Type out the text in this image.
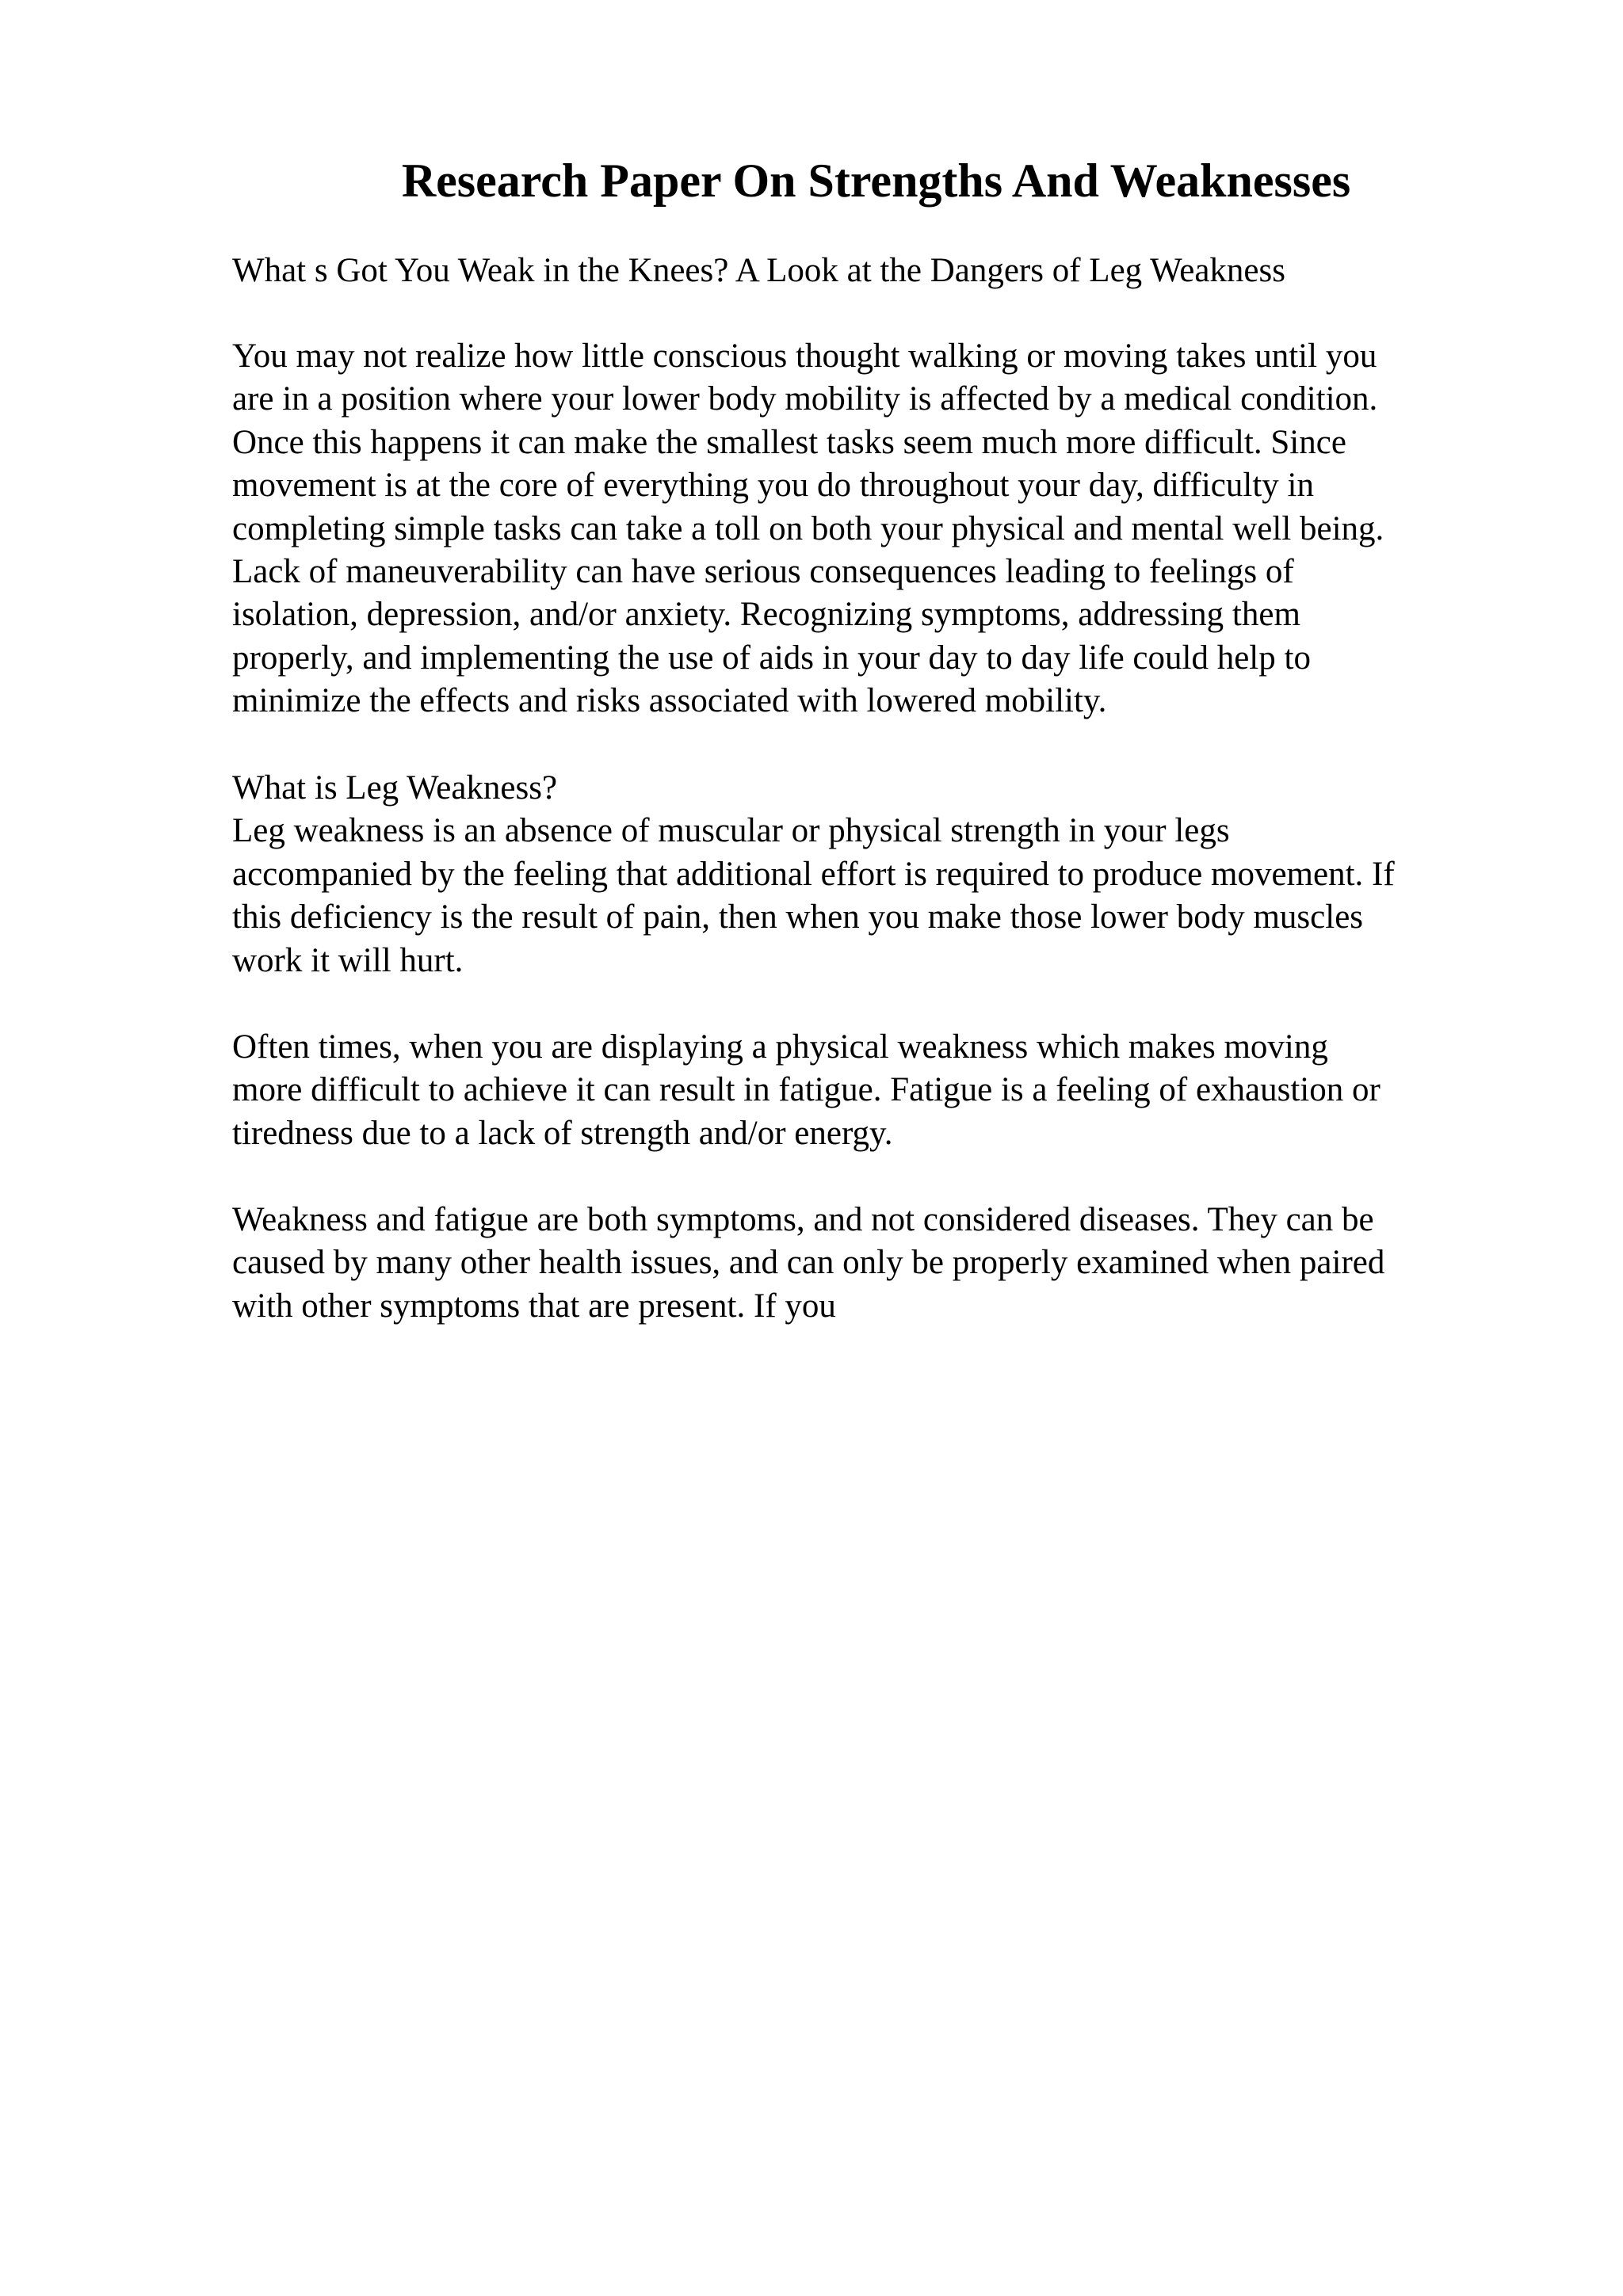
Research Paper On Strengths And Weaknesses
What s Got You Weak in the Knees? A Look at the Dangers of Leg Weakness
You may not realize how little conscious thought walking or moving takes until you
are in a position where your lower body mobility is affected by a medical condition.
Once this happens it can make the smallest tasks seem much more difficult. Since
movement is at the core of everything you do throughout your day, difficulty in
completing simple tasks can take a toll on both your physical and mental well being.
Lack of maneuverability can have serious consequences leading to feelings of
isolation, depression, and/or anxiety. Recognizing symptoms, addressing them
properly, and implementing the use of aids in your day to day life could help to
minimize the effects and risks associated with lowered mobility.
What is Leg Weakness?
Leg weakness is an absence of muscular or physical strength in your legs
accompanied by the feeling that additional effort is required to produce movement. If
this deficiency is the result of pain, then when you make those lower body muscles
work it will hurt.
Often times, when you are displaying a physical weakness which makes moving
more difficult to achieve it can result in fatigue. Fatigue is a feeling of exhaustion or
tiredness due to a lack of strength and/or energy.
Weakness and fatigue are both symptoms, and not considered diseases. They can be
caused by many other health issues, and can only be properly examined when paired
with other symptoms that are present. If you
